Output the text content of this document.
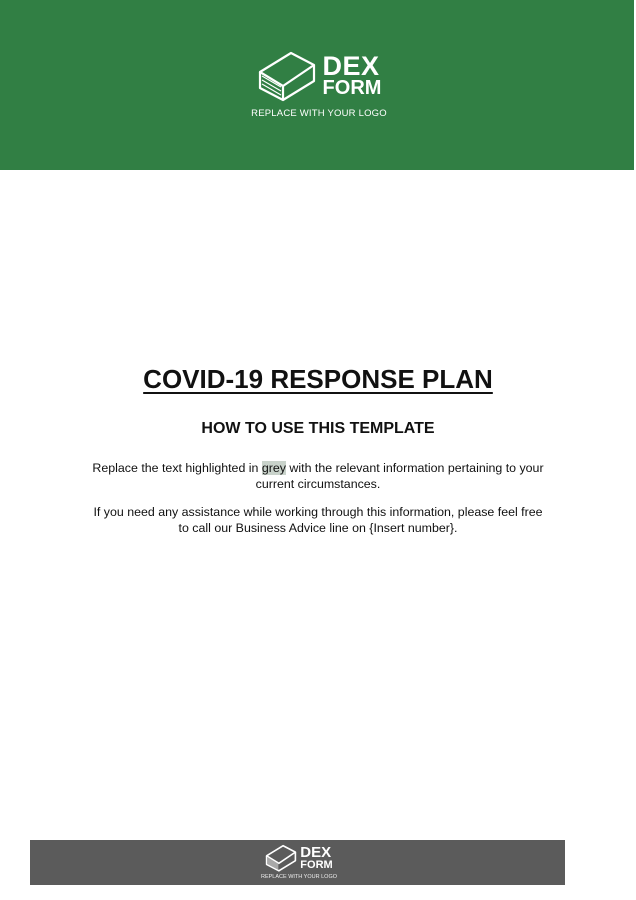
DEX
FORM
REPLACE WITH YOUR LOGO
COVID-19 RESPONSE PLAN
HOW TO USE THIS TEMPLATE
Replace the text highlighted in grey with the relevant information pertaining to your current circumstances.
If you need any assistance while working through this information, please feel free to call our Business Advice line on {Insert number}.
DEX
FORM
REPLACE WITH YOUR LOGO
